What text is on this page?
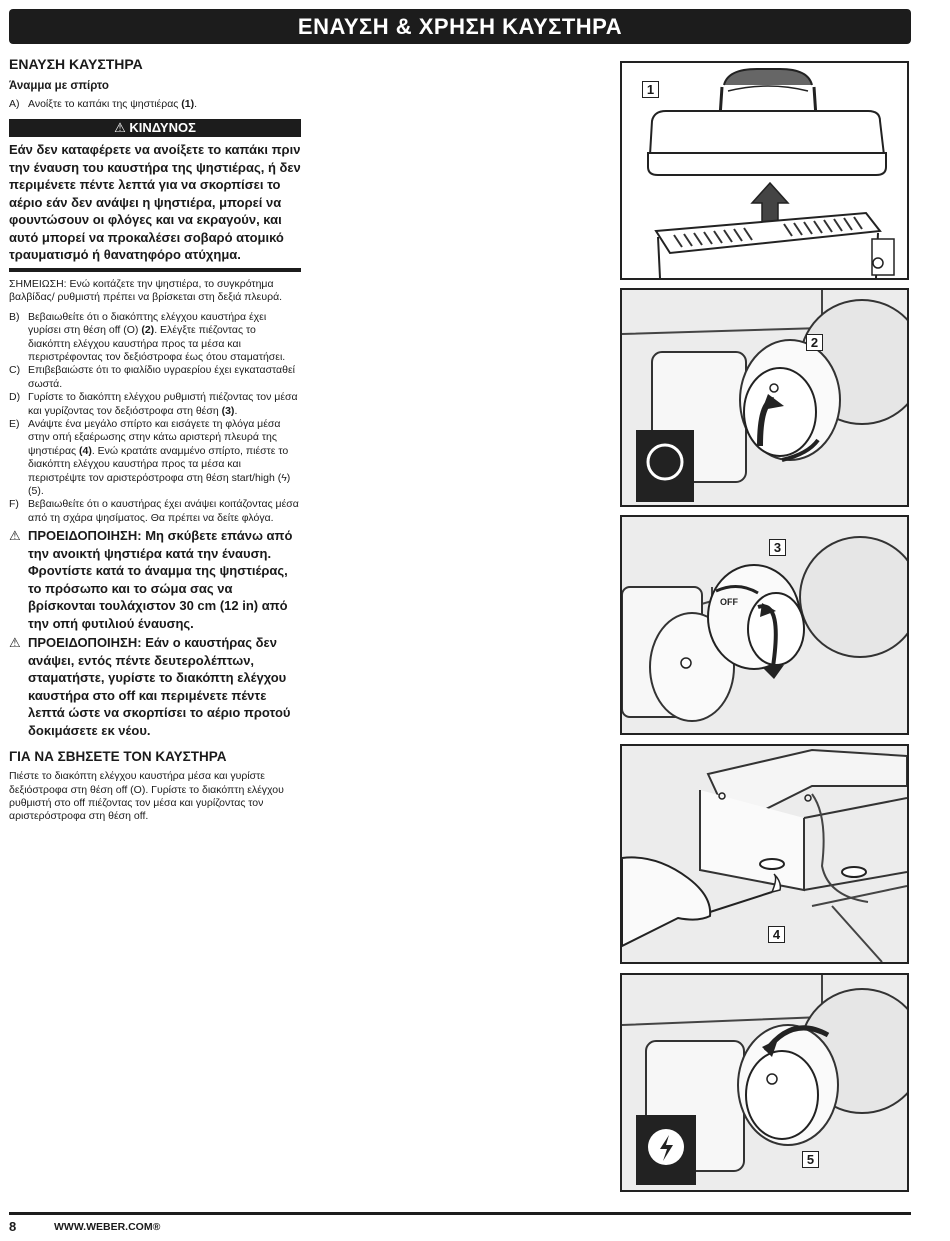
ΕΝΑΥΣΗ & ΧΡΗΣΗ ΚΑΥΣΤΗΡΑ
ΕΝΑΥΣΗ ΚΑΥΣΤΗΡΑ
Άναμμα με σπίρτο
A) Ανοίξτε το καπάκι της ψηστιέρας (1).
⚠ ΚΙΝΔΥΝΟΣ
Εάν δεν καταφέρετε να ανοίξετε το καπάκι πριν την έναυση του καυστήρα της ψηστιέρας, ή δεν περιμένετε πέντε λεπτά για να σκορπίσει το αέριο εάν δεν ανάψει η ψηστιέρα, μπορεί να φουντώσουν οι φλόγες και να εκραγούν, και αυτό μπορεί να προκαλέσει σοβαρό ατομικό τραυματισμό ή θανατηφόρο ατύχημα.
ΣΗΜΕΙΩΣΗ: Ενώ κοιτάζετε την ψηστιέρα, το συγκρότημα βαλβίδας/ ρυθμιστή πρέπει να βρίσκεται στη δεξιά πλευρά.
B) Βεβαιωθείτε ότι ο διακόπτης ελέγχου καυστήρα έχει γυρίσει στη θέση off (O) (2). Ελέγξτε πιέζοντας το διακόπτη ελέγχου καυστήρα προς τα μέσα και περιστρέφοντας τον δεξιόστροφα έως ότου σταματήσει.
C) Επιβεβαιώστε ότι το φιαλίδιο υγραερίου έχει εγκατασταθεί σωστά.
D) Γυρίστε το διακόπτη ελέγχου ρυθμιστή πιέζοντας τον μέσα και γυρίζοντας τον δεξιόστροφα στη θέση (3).
E) Ανάψτε ένα μεγάλο σπίρτο και εισάγετε τη φλόγα μέσα στην οπή εξαέρωσης στην κάτω αριστερή πλευρά της ψηστιέρας (4). Ενώ κρατάτε αναμμένο σπίρτο, πιέστε το διακόπτη ελέγχου καυστήρα προς τα μέσα και περιστρέψτε τον αριστερόστροφα στη θέση start/high (ϟ) (5).
F) Βεβαιωθείτε ότι ο καυστήρας έχει ανάψει κοιτάζοντας μέσα από τη σχάρα ψησίματος. Θα πρέπει να δείτε φλόγα.
⚠ ΠΡΟΕΙΔΟΠΟΙΗΣΗ: Μη σκύβετε επάνω από την ανοικτή ψηστιέρα κατά την έναυση. Φροντίστε κατά το άναμμα της ψηστιέρας, το πρόσωπο και το σώμα σας να βρίσκονται τουλάχιστον 30 cm (12 in) από την οπή φυτιλιού έναυσης.
⚠ ΠΡΟΕΙΔΟΠΟΙΗΣΗ: Εάν ο καυστήρας δεν ανάψει, εντός πέντε δευτερολέπτων, σταματήστε, γυρίστε το διακόπτη ελέγχου καυστήρα στο off και περιμένετε πέντε λεπτά ώστε να σκορπίσει το αέριο προτού δοκιμάσετε εκ νέου.
ΓΙΑ ΝΑ ΣΒΗΣΕΤΕ ΤΟΝ ΚΑΥΣΤΗΡΑ
Πιέστε το διακόπτη ελέγχου καυστήρα μέσα και γυρίστε δεξιόστροφα στη θέση off (O). Γυρίστε το διακόπτη ελέγχου ρυθμιστή στο off πιέζοντας τον μέσα και γυρίζοντας τον αριστερόστροφα στη θέση off.
1
2
OFF
3
4
5
8	WWW.WEBER.COM®
